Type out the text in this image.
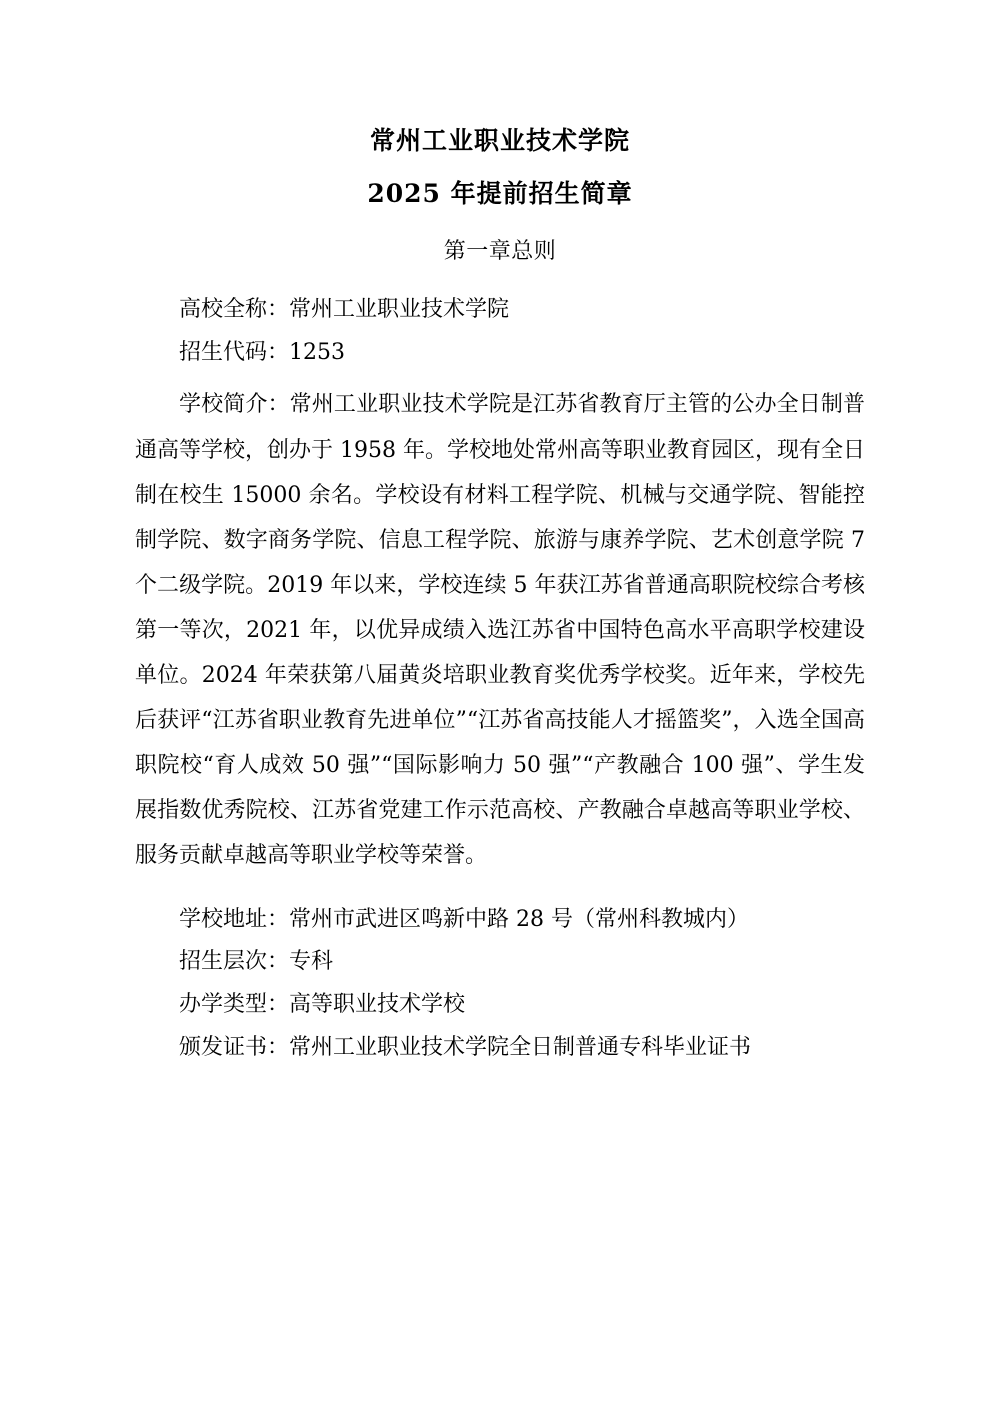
常州工业职业技术学院
2025 年提前招生简章
第一章总则

高校全称：常州工业职业技术学院

招生代码：1253

学校简介：常州工业职业技术学院是江苏省教育厅主管的公办全日制普通高等学校，创办于 1958 年。学校地处常州高等职业教育园区，现有全日制在校生 15000 余名。学校设有材料工程学院、机械与交通学院、智能控制学院、数字商务学院、信息工程学院、旅游与康养学院、艺术创意学院 7 个二级学院。2019 年以来，学校连续 5 年获江苏省普通高职院校综合考核第一等次，2021 年，以优异成绩入选江苏省中国特色高水平高职学校建设单位。2024 年荣获第八届黄炎培职业教育奖优秀学校奖。近年来，学校先后获评“江苏省职业教育先进单位”“江苏省高技能人才摇篮奖”，入选全国高职院校“育人成效 50 强”“国际影响力 50 强”“产教融合 100 强”、学生发展指数优秀院校、江苏省党建工作示范高校、产教融合卓越高等职业学校、服务贡献卓越高等职业学校等荣誉。

学校地址：常州市武进区鸣新中路 28 号（常州科教城内）

招生层次：专科

办学类型：高等职业技术学校

颁发证书：常州工业职业技术学院全日制普通专科毕业证书
